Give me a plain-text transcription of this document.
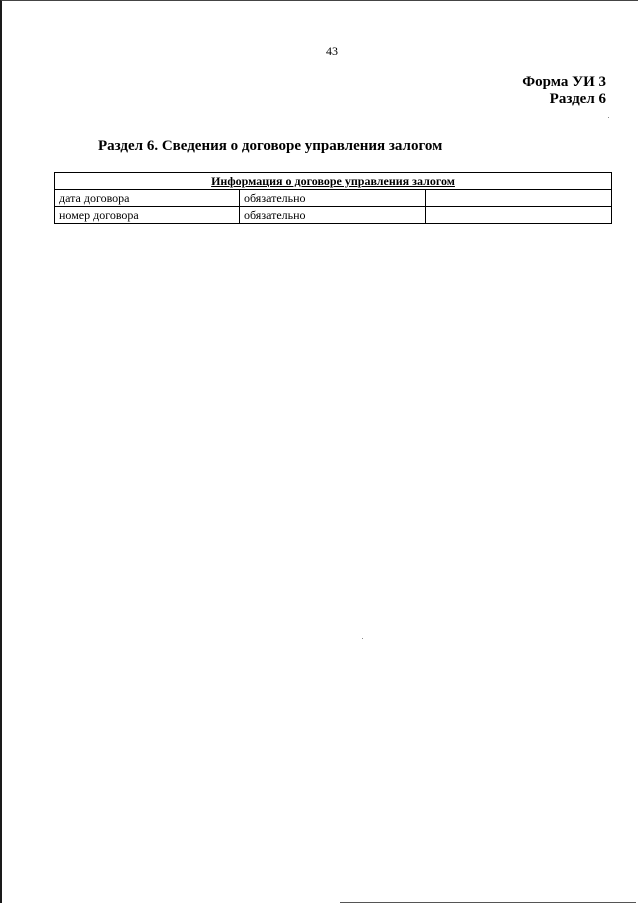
43
Форма УИ 3
Раздел 6
Раздел 6. Сведения о договоре управления залогом
Информация о договоре управления залогом		
дата договора	обязательно	
номер договора	обязательно	
